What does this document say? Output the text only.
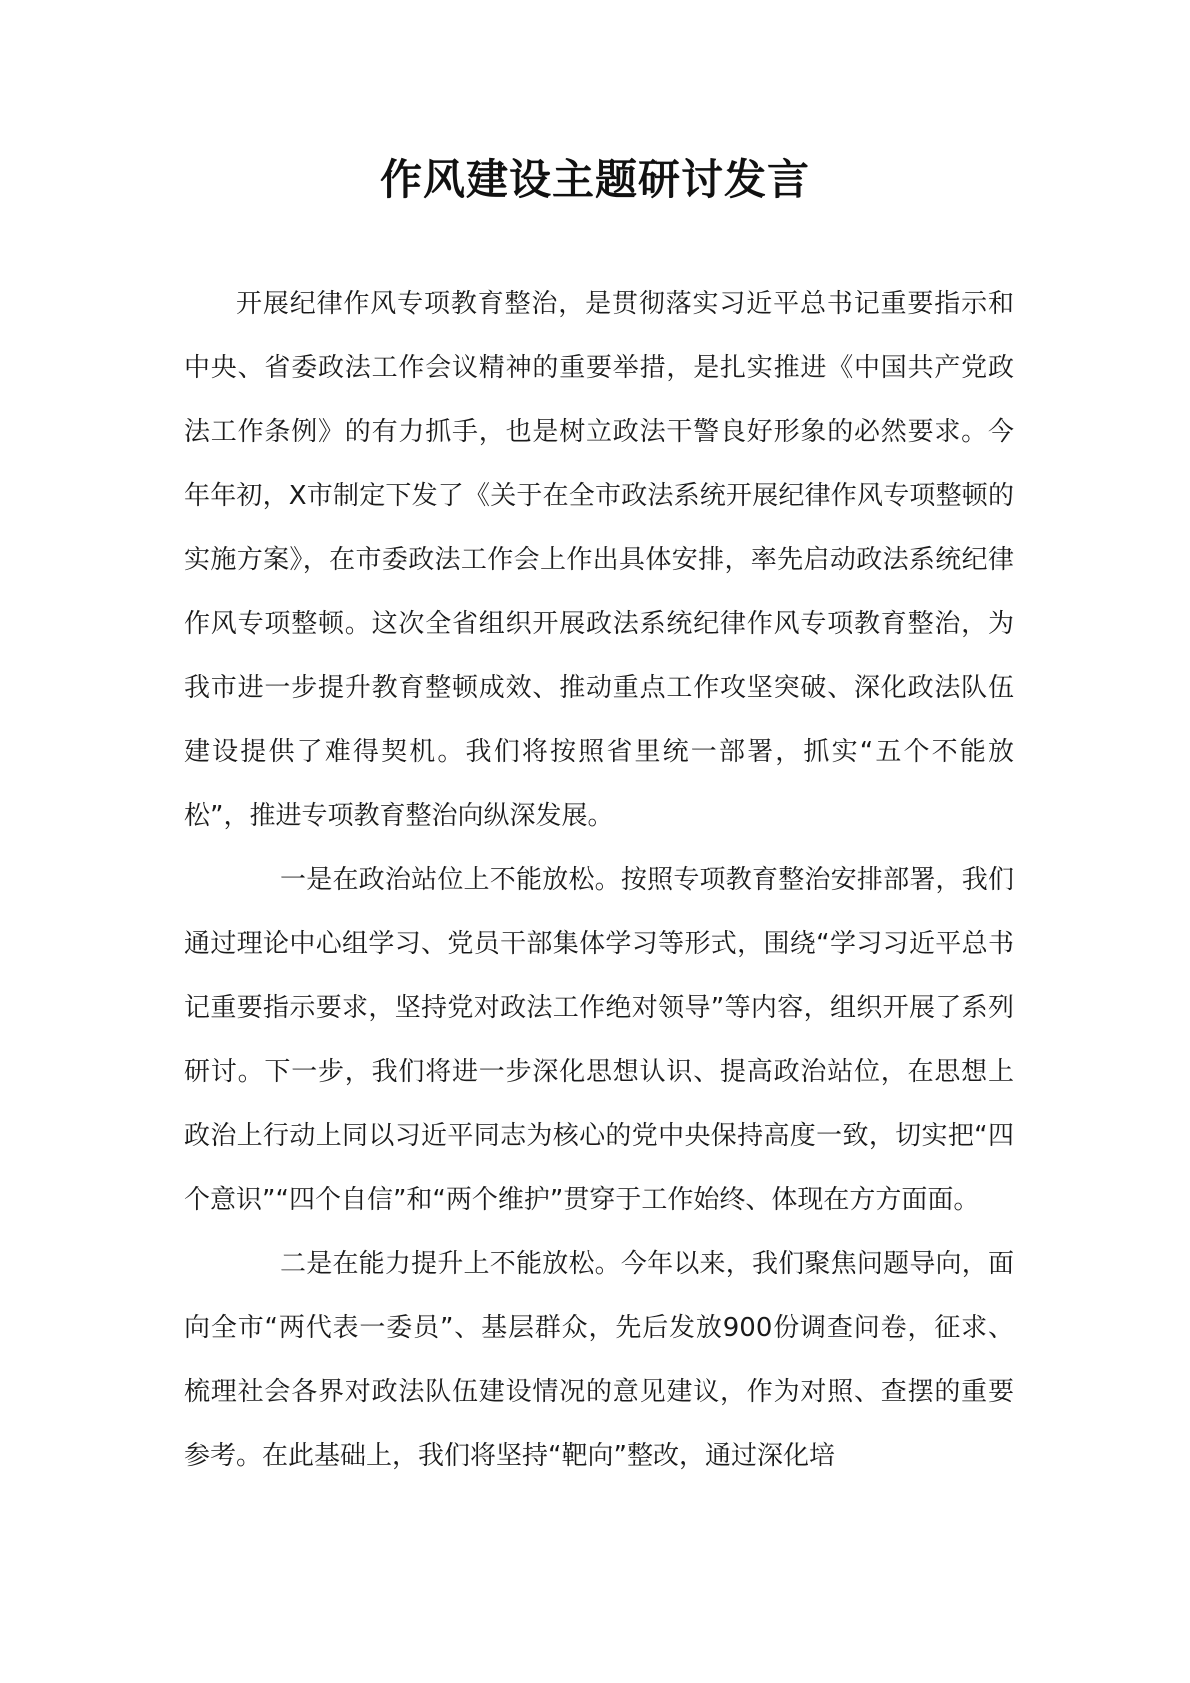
作风建设主题研讨发言

开展纪律作风专项教育整治，是贯彻落实习近平总书记重要指示和中央、省委政法工作会议精神的重要举措，是扎实推进《中国共产党政法工作条例》的有力抓手，也是树立政法干警良好形象的必然要求。今年年初，X市制定下发了《关于在全市政法系统开展纪律作风专项整顿的实施方案》，在市委政法工作会上作出具体安排，率先启动政法系统纪律作风专项整顿。这次全省组织开展政法系统纪律作风专项教育整治，为我市进一步提升教育整顿成效、推动重点工作攻坚突破、深化政法队伍建设提供了难得契机。我们将按照省里统一部署，抓实“五个不能放松”，推进专项教育整治向纵深发展。

一是在政治站位上不能放松。按照专项教育整治安排部署，我们通过理论中心组学习、党员干部集体学习等形式，围绕“学习习近平总书记重要指示要求，坚持党对政法工作绝对领导”等内容，组织开展了系列研讨。下一步，我们将进一步深化思想认识、提高政治站位，在思想上政治上行动上同以习近平同志为核心的党中央保持高度一致，切实把“四个意识”“四个自信”和“两个维护”贯穿于工作始终、体现在方方面面。

二是在能力提升上不能放松。今年以来，我们聚焦问题导向，面向全市“两代表一委员”、基层群众，先后发放900份调查问卷，征求、梳理社会各界对政法队伍建设情况的意见建议，作为对照、查摆的重要参考。在此基础上，我们将坚持“靶向”整改，通过深化培
